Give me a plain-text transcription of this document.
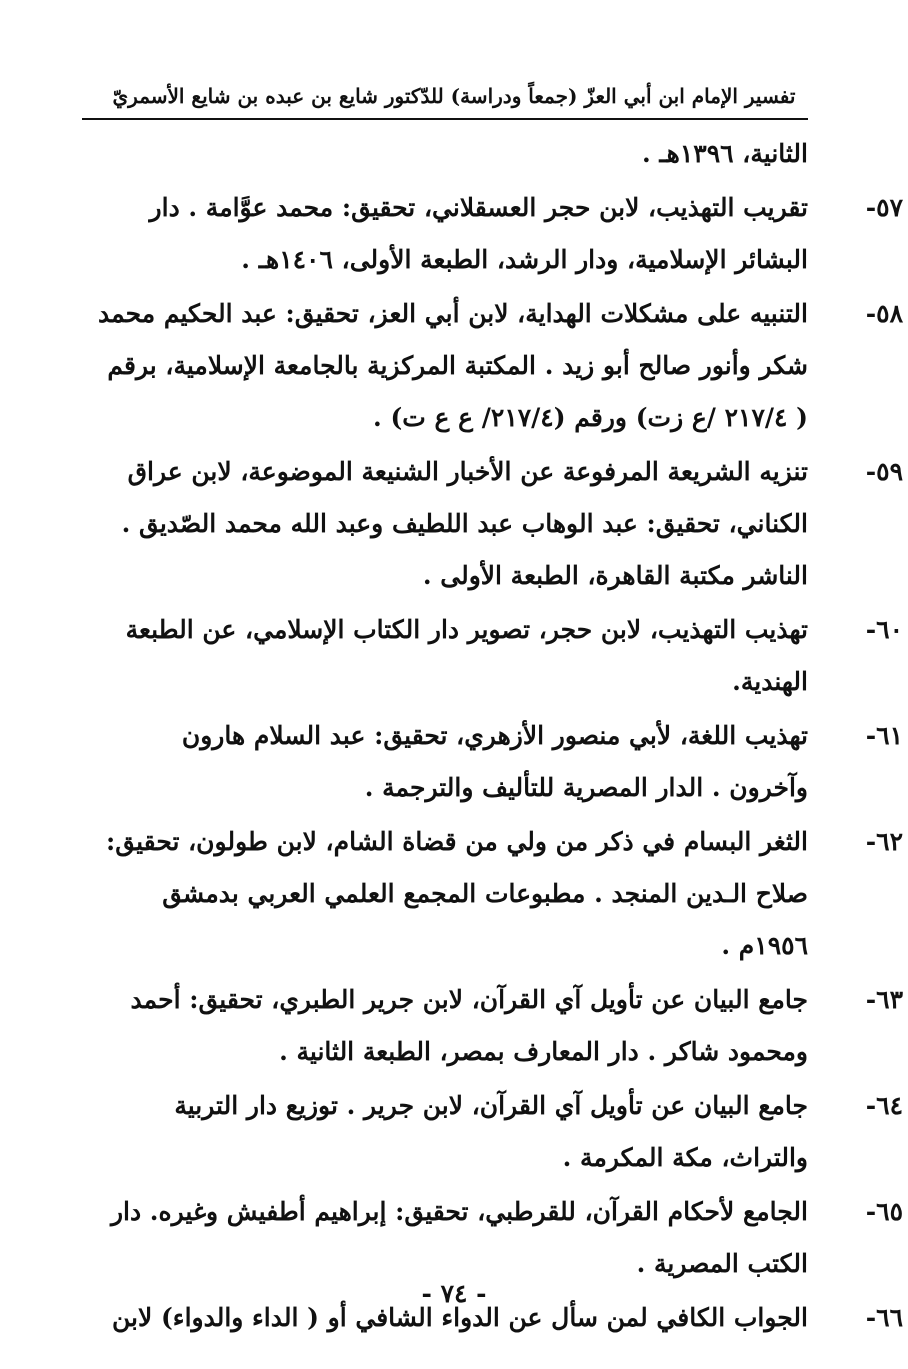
تفسير الإمام ابن أبي العزّ (جمعاً ودراسة) للدّكتور شايع بن عبده بن شايع الأسمريّ
الثانية، ١٣٩٦هـ .
٥٧-
تقريب التهذيب، لابن حجر العسقلاني، تحقيق: محمد عوَّامة . دار
البشائر الإسلامية، ودار الرشد، الطبعة الأولى، ١٤٠٦هـ .
٥٨-
التنبيه على مشكلات الهداية، لابن أبي العز، تحقيق: عبد الحكيم محمد
شكر وأنور صالح أبو زيد . المكتبة المركزية بالجامعة الإسلامية، برقم
( ٢١٧/٤ /ع زت) ورقم (٢١٧/٤/ ع ع ت) .
٥٩-
تنزيه الشريعة المرفوعة عن الأخبار الشنيعة الموضوعة، لابن عراق
الكناني، تحقيق: عبد الوهاب عبد اللطيف وعبد الله محمد الصّديق .
الناشر مكتبة القاهرة، الطبعة الأولى .
٦٠-
تهذيب التهذيب، لابن حجر، تصوير دار الكتاب الإسلامي، عن الطبعة
الهندية.
٦١-
تهذيب اللغة، لأبي منصور الأزهري، تحقيق: عبد السلام هارون
وآخرون . الدار المصرية للتأليف والترجمة .
٦٢-
الثغر البسام في ذكر من ولي من قضاة الشام، لابن طولون، تحقيق:
صلاح الـدين المنجد . مطبوعات المجمع العلمي العربي بدمشق
١٩٥٦م .
٦٣-
جامع البيان عن تأويل آي القرآن، لابن جرير الطبري، تحقيق: أحمد
ومحمود شاكر . دار المعارف بمصر، الطبعة الثانية .
٦٤-
جامع البيان عن تأويل آي القرآن، لابن جرير . توزيع دار التربية
والتراث، مكة المكرمة .
٦٥-
الجامع لأحكام القرآن، للقرطبي، تحقيق: إبراهيم أطفيش وغيره. دار
الكتب المصرية .
٦٦-
الجواب الكافي لمن سأل عن الدواء الشافي أو ( الداء والدواء) لابن
- ٧٤ -
